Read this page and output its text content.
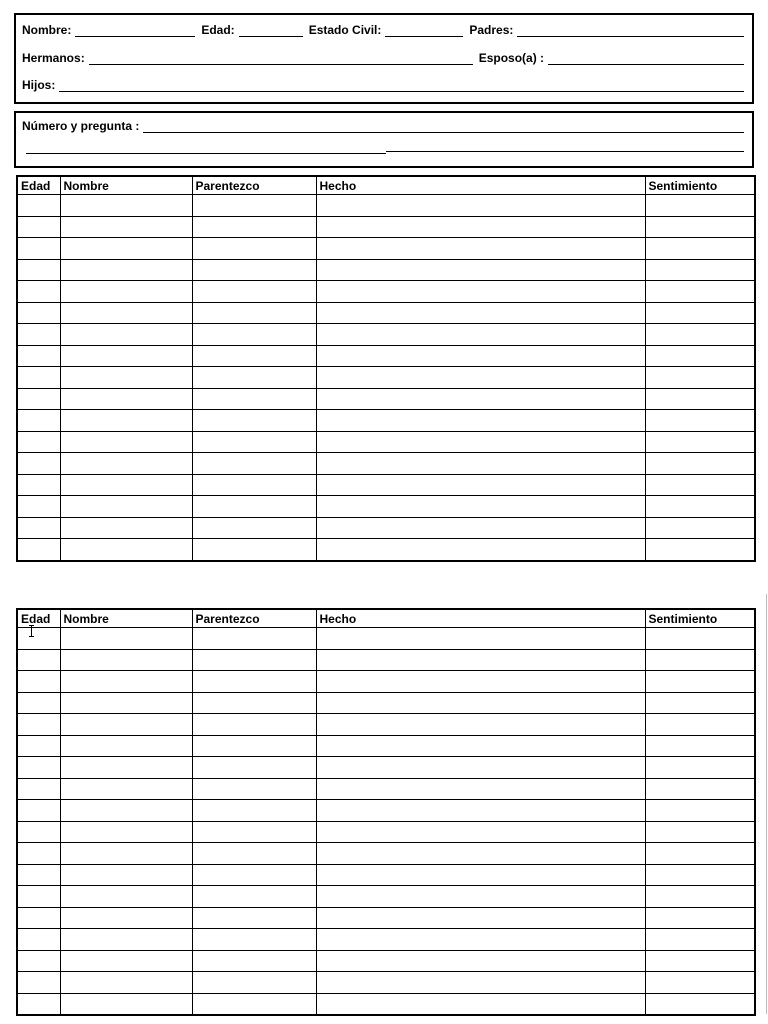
Nombre:	Edad:	Estado Civil:	Padres:
Hermanos:	Esposo(a) :
Hijos:
Número y pregunta :
Edad	Nombre	Parentezco	Hecho	Sentimiento

Edad	Nombre	Parentezco	Hecho	Sentimiento
